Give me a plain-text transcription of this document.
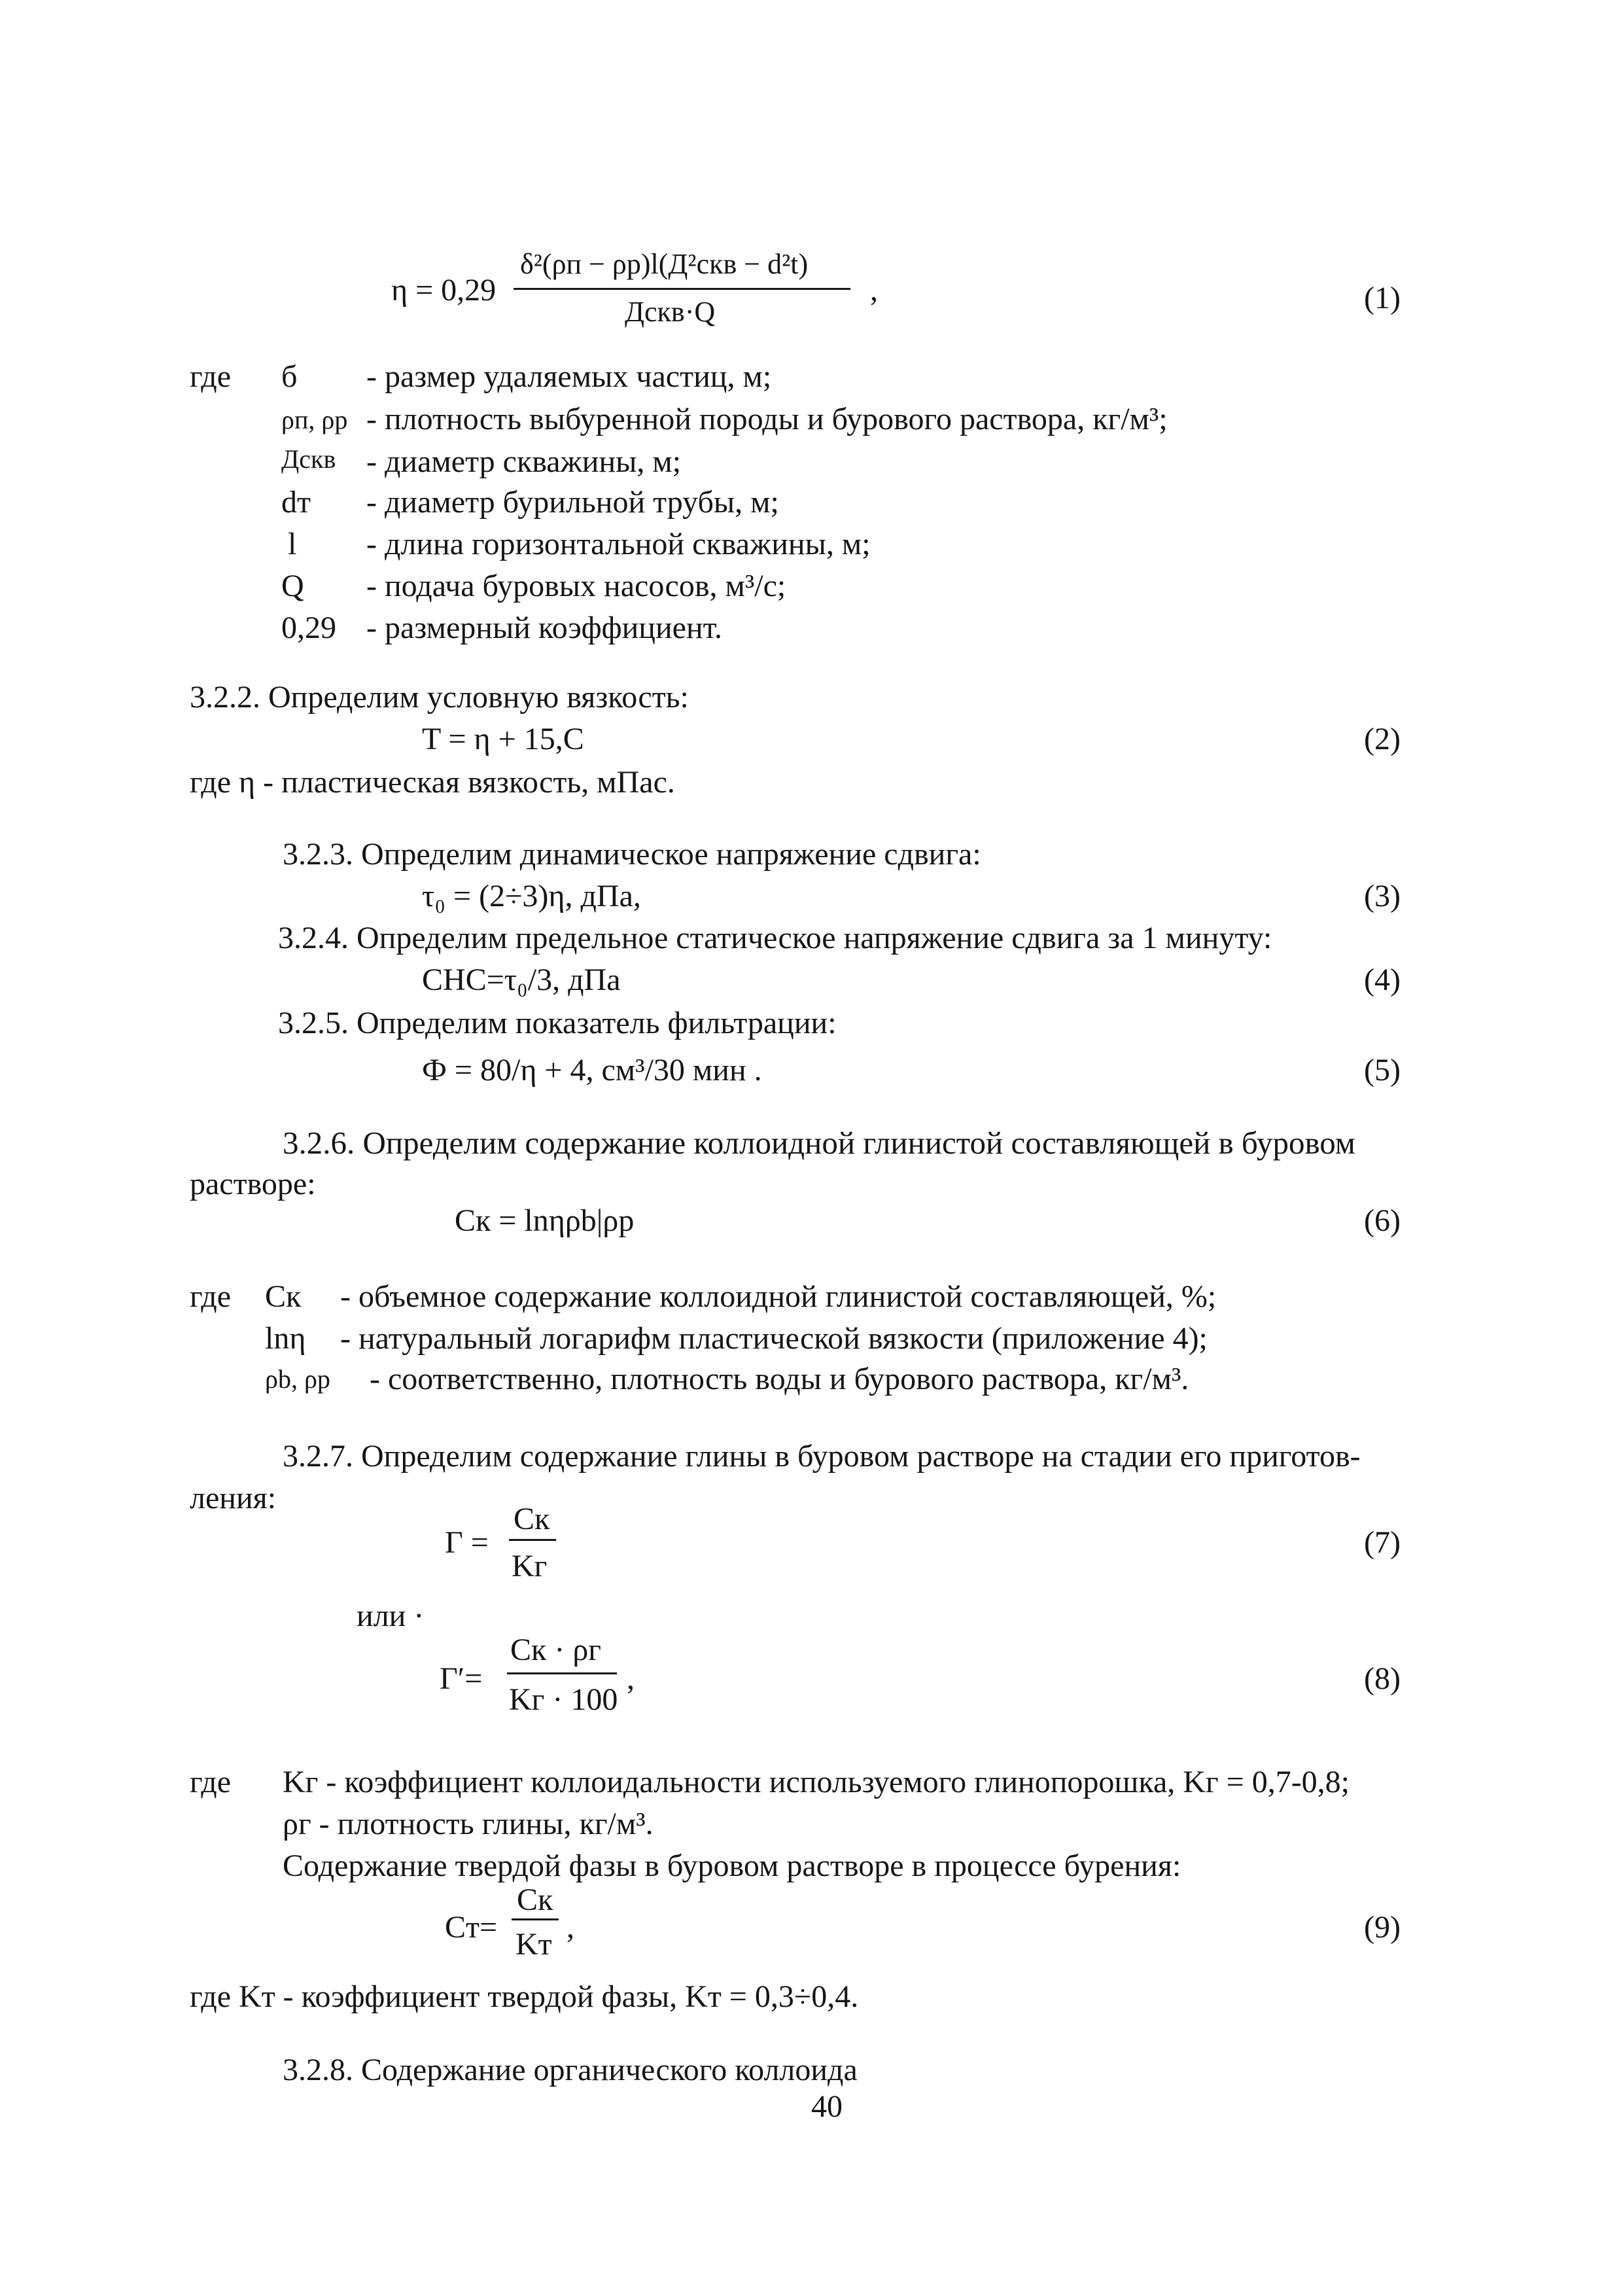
η = 0,29
δ²(ρп − ρр)l(Д²скв − d²t)
Дскв·Q
,	(1)
где б - размер удаляемых частиц, м;
ρп, ρр - плотность выбуренной породы и бурового раствора, кг/м³;
Дскв - диаметр скважины, м;
dт - диаметр бурильной трубы, м;
l - длина горизонтальной скважины, м;
Q - подача буровых насосов, м³/с;
0,29 - размерный коэффициент.
3.2.2. Определим условную вязкость:
T = η + 15,C	(2)
где η - пластическая вязкость, мПас.
3.2.3. Определим динамическое напряжение сдвига:
τ₀ = (2÷3)η, дПа,	(3)
3.2.4. Определим предельное статическое напряжение сдвига за 1 минуту:
СНС=τ₀/3, дПа	(4)
3.2.5. Определим показатель фильтрации:
Ф = 80/η + 4, см³/30 мин .	(5)
3.2.6. Определим содержание коллоидной глинистой составляющей в буровом
растворе:
Cк = lnηρb|ρр	(6)
где Cк - объемное содержание коллоидной глинистой составляющей, %;
lnη - натуральный логарифм пластической вязкости (приложение 4);
ρb, ρр - соответственно, плотность воды и бурового раствора, кг/м³.
3.2.7. Определим содержание глины в буровом растворе на стадии его приготов-
ления:
Г =
Cк
Kг
(7)
или ·
Г′=
Cк · ρг
Kг · 100
,	(8)
где Kг - коэффициент коллоидальности используемого глинопорошка, Kг = 0,7-0,8;
ρг - плотность глины, кг/м³.
Содержание твердой фазы в буровом растворе в процессе бурения:
Cт=
Cк
Kт ,	(9)
где Kт - коэффициент твердой фазы, Kт = 0,3÷0,4.
3.2.8. Содержание органического коллоида
40
